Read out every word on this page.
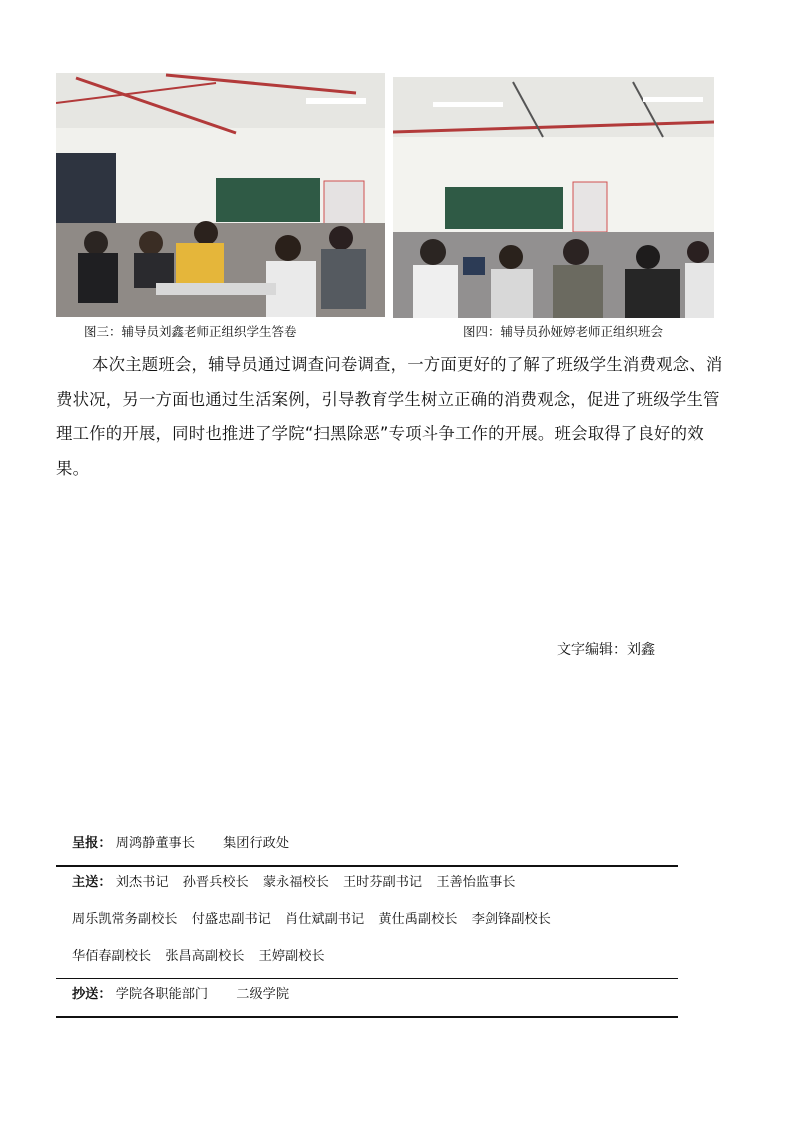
图三：辅导员刘鑫老师正组织学生答卷	图四：辅导员孙娅婷老师正组织班会

本次主题班会，辅导员通过调查问卷调查，一方面更好的了解了班级学生消费观念、消费状况，另一方面也通过生活案例，引导教育学生树立正确的消费观念，促进了班级学生管理工作的开展，同时也推进了学院“扫黑除恶”专项斗争工作的开展。班会取得了良好的效果。

文字编辑：刘鑫
呈报： 周鸿静董事长 集团行政处
主送： 刘杰书记 孙晋兵校长 蒙永福校长 王时芬副书记 王善怡监事长
周乐凯常务副校长 付盛忠副书记 肖仕斌副书记 黄仕禹副校长 李剑锋副校长
华佰春副校长 张昌高副校长 王婷副校长
抄送： 学院各职能部门 二级学院
